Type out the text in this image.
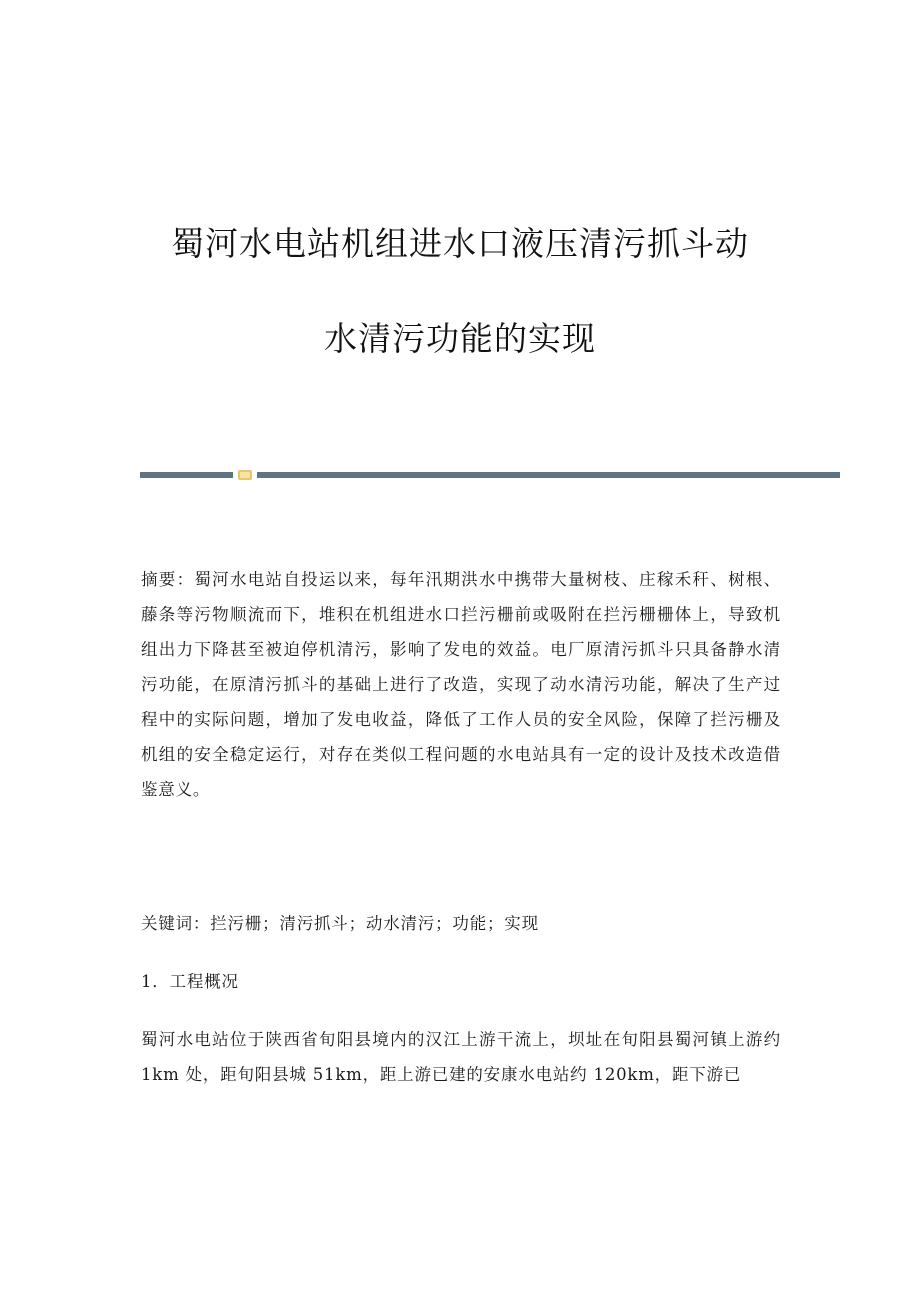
蜀河水电站机组进水口液压清污抓斗动
水清污功能的实现

摘要：蜀河水电站自投运以来，每年汛期洪水中携带大量树枝、庄稼禾秆、树根、藤条等污物顺流而下，堆积在机组进水口拦污栅前或吸附在拦污栅栅体上，导致机组出力下降甚至被迫停机清污，影响了发电的效益。电厂原清污抓斗只具备静水清污功能，在原清污抓斗的基础上进行了改造，实现了动水清污功能，解决了生产过程中的实际问题，增加了发电收益，降低了工作人员的安全风险，保障了拦污栅及机组的安全稳定运行，对存在类似工程问题的水电站具有一定的设计及技术改造借鉴意义。

关键词：拦污栅；清污抓斗；动水清污；功能；实现

1．工程概况

蜀河水电站位于陕西省旬阳县境内的汉江上游干流上，坝址在旬阳县蜀河镇上游约 1km 处，距旬阳县城 51km，距上游已建的安康水电站约 120km，距下游已
